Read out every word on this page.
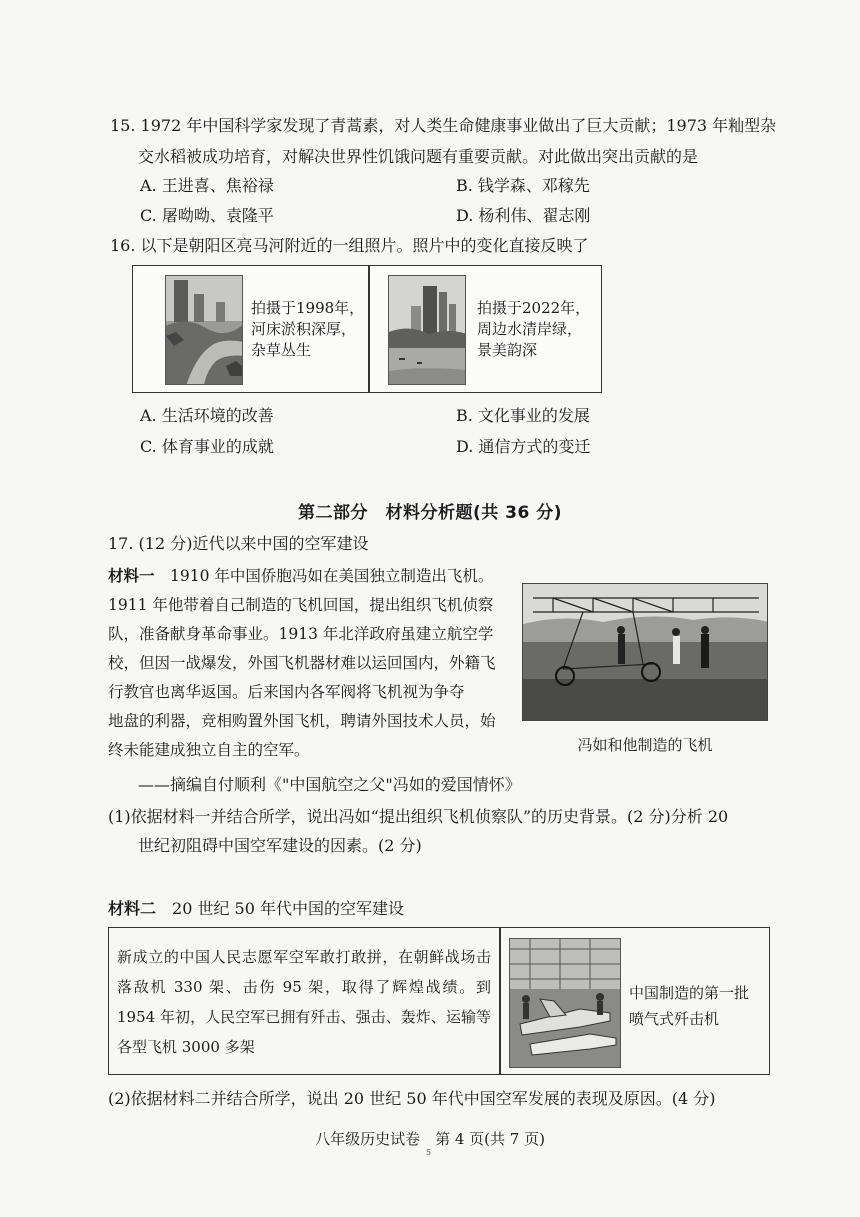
15. 1972 年中国科学家发现了青蒿素，对人类生命健康事业做出了巨大贡献；1973 年籼型杂
交水稻被成功培育，对解决世界性饥饿问题有重要贡献。对此做出突出贡献的是
A. 王进喜、焦裕禄	B. 钱学森、邓稼先
C. 屠呦呦、袁隆平	D. 杨利伟、翟志刚
16. 以下是朝阳区亮马河附近的一组照片。照片中的变化直接反映了
拍摄于1998年，
河床淤积深厚，
杂草丛生
拍摄于2022年，
周边水清岸绿，
景美韵深
A. 生活环境的改善	B. 文化事业的发展
C. 体育事业的成就	D. 通信方式的变迁
第二部分　材料分析题(共 36 分)
17. (12 分)近代以来中国的空军建设
材料一　1910 年中国侨胞冯如在美国独立制造出飞机。
1911 年他带着自己制造的飞机回国，提出组织飞机侦察
队，准备献身革命事业。1913 年北洋政府虽建立航空学
校，但因一战爆发，外国飞机器材难以运回国内，外籍飞
行教官也离华返国。后来国内各军阀将飞机视为争夺
地盘的利器，竞相购置外国飞机，聘请外国技术人员，始
终未能建成独立自主的空军。	冯如和他制造的飞机
——摘编自付顺利《"中国航空之父"冯如的爱国情怀》
(1)依据材料一并结合所学，说出冯如“提出组织飞机侦察队”的历史背景。(2 分)分析 20
世纪初阻碍中国空军建设的因素。(2 分)
材料二　20 世纪 50 年代中国的空军建设
新成立的中国人民志愿军空军敢打敢拼，在朝鲜战场击落敌机 330 架、击伤 95 架，取得了辉煌战绩。到 1954 年初，人民空军已拥有歼击、强击、轰炸、运输等各型飞机 3000 多架
中国制造的第一批
喷气式歼击机
(2)依据材料二并结合所学，说出 20 世纪 50 年代中国空军发展的表现及原因。(4 分)
八年级历史试卷　第 4 页(共 7 页)
5
